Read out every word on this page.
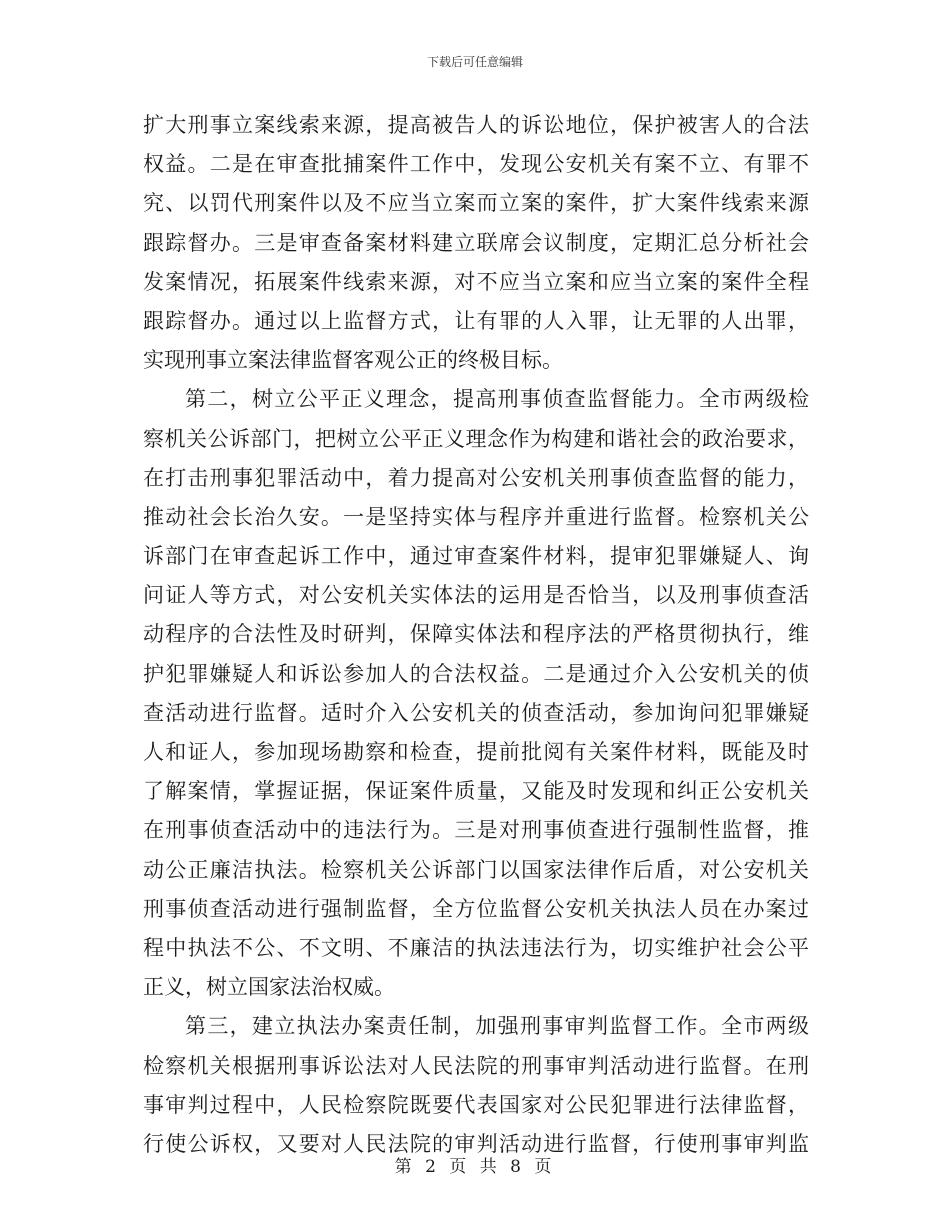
下载后可任意编辑
扩大刑事立案线索来源，提高被告人的诉讼地位，保护被害人的合法
权益。二是在审查批捕案件工作中，发现公安机关有案不立、有罪不
究、以罚代刑案件以及不应当立案而立案的案件，扩大案件线索来源
跟踪督办。三是审查备案材料建立联席会议制度，定期汇总分析社会
发案情况，拓展案件线索来源，对不应当立案和应当立案的案件全程
跟踪督办。通过以上监督方式，让有罪的人入罪，让无罪的人出罪，
实现刑事立案法律监督客观公正的终极目标。
第二，树立公平正义理念，提高刑事侦查监督能力。全市两级检
察机关公诉部门，把树立公平正义理念作为构建和谐社会的政治要求，
在打击刑事犯罪活动中，着力提高对公安机关刑事侦查监督的能力，
推动社会长治久安。一是坚持实体与程序并重进行监督。检察机关公
诉部门在审查起诉工作中，通过审查案件材料，提审犯罪嫌疑人、询
问证人等方式，对公安机关实体法的运用是否恰当，以及刑事侦查活
动程序的合法性及时研判，保障实体法和程序法的严格贯彻执行，维
护犯罪嫌疑人和诉讼参加人的合法权益。二是通过介入公安机关的侦
查活动进行监督。适时介入公安机关的侦查活动，参加询问犯罪嫌疑
人和证人，参加现场勘察和检查，提前批阅有关案件材料，既能及时
了解案情，掌握证据，保证案件质量，又能及时发现和纠正公安机关
在刑事侦查活动中的违法行为。三是对刑事侦查进行强制性监督，推
动公正廉洁执法。检察机关公诉部门以国家法律作后盾，对公安机关
刑事侦查活动进行强制监督，全方位监督公安机关执法人员在办案过
程中执法不公、不文明、不廉洁的执法违法行为，切实维护社会公平
正义，树立国家法治权威。
第三，建立执法办案责任制，加强刑事审判监督工作。全市两级
检察机关根据刑事诉讼法对人民法院的刑事审判活动进行监督。在刑
事审判过程中，人民检察院既要代表国家对公民犯罪进行法律监督，
行使公诉权，又要对人民法院的审判活动进行监督，行使刑事审判监
第 2 页 共 8 页
